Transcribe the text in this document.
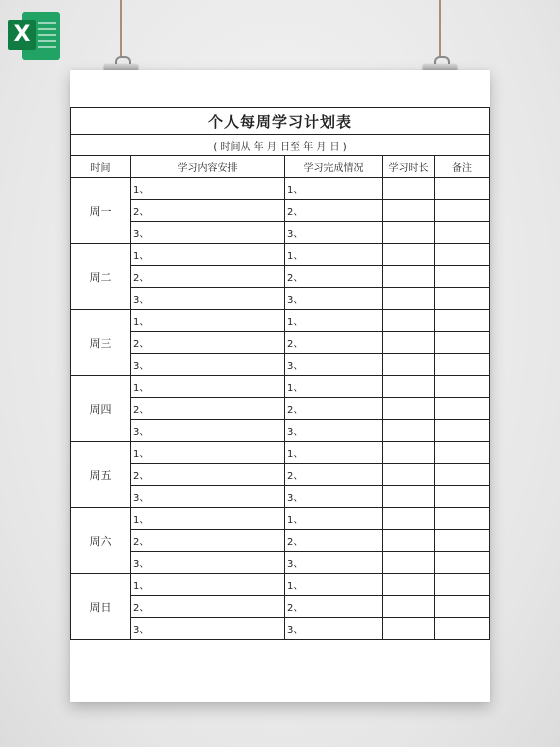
X
个人每周学习计划表				
( 时间从 年 月 日至 年 月 日 )				
时间	学习内容安排	学习完成情况	学习时长	备注
周一	1、	1、		
	2、	2、		
	3、	3、		
周二	1、	1、		
	2、	2、		
	3、	3、		
周三	1、	1、		
	2、	2、		
	3、	3、		
周四	1、	1、		
	2、	2、		
	3、	3、		
周五	1、	1、		
	2、	2、		
	3、	3、		
周六	1、	1、		
	2、	2、		
	3、	3、		
周日	1、	1、		
	2、	2、		
	3、	3、		
